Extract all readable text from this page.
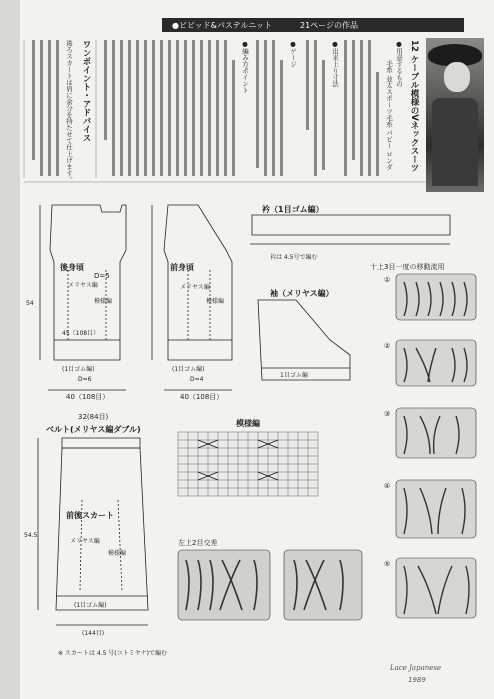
●ビビッド&パステルニット	21ページの作品
12 ケーブル模様のVネックスーツ
●用意するもの
毛糸 並太スポーツ毛糸 パピー ロンダ
●出来上り寸法
●ゲージ
●編み方ポイント
ワンポイント・アドバイス
後ろスカートは肩に余分を持たせて仕上げます。
後身頃
D=5
メリヤス編
模様編
(1目ゴム編)
D=6
40（108目）
45（108目）
54
前身頃
メリヤス編
模様編
(1目ゴム編)
D=4
40（108目）
衿（1目ゴム編）
衿は 4.5号で編む
袖（メリヤス編）
1目ゴム編
十上3目一度の移動流用
①
②
③
④
⑤
模様編
ベルト(メリヤス編ダブル)
32(84目)
前後スカート
メリヤス編
模様編
(1目ゴム編)
(144目)
54.5
※ スカートは 4.5 号(コトミヤナ)で編む
左上2目交差
Lace Japanese
1989
